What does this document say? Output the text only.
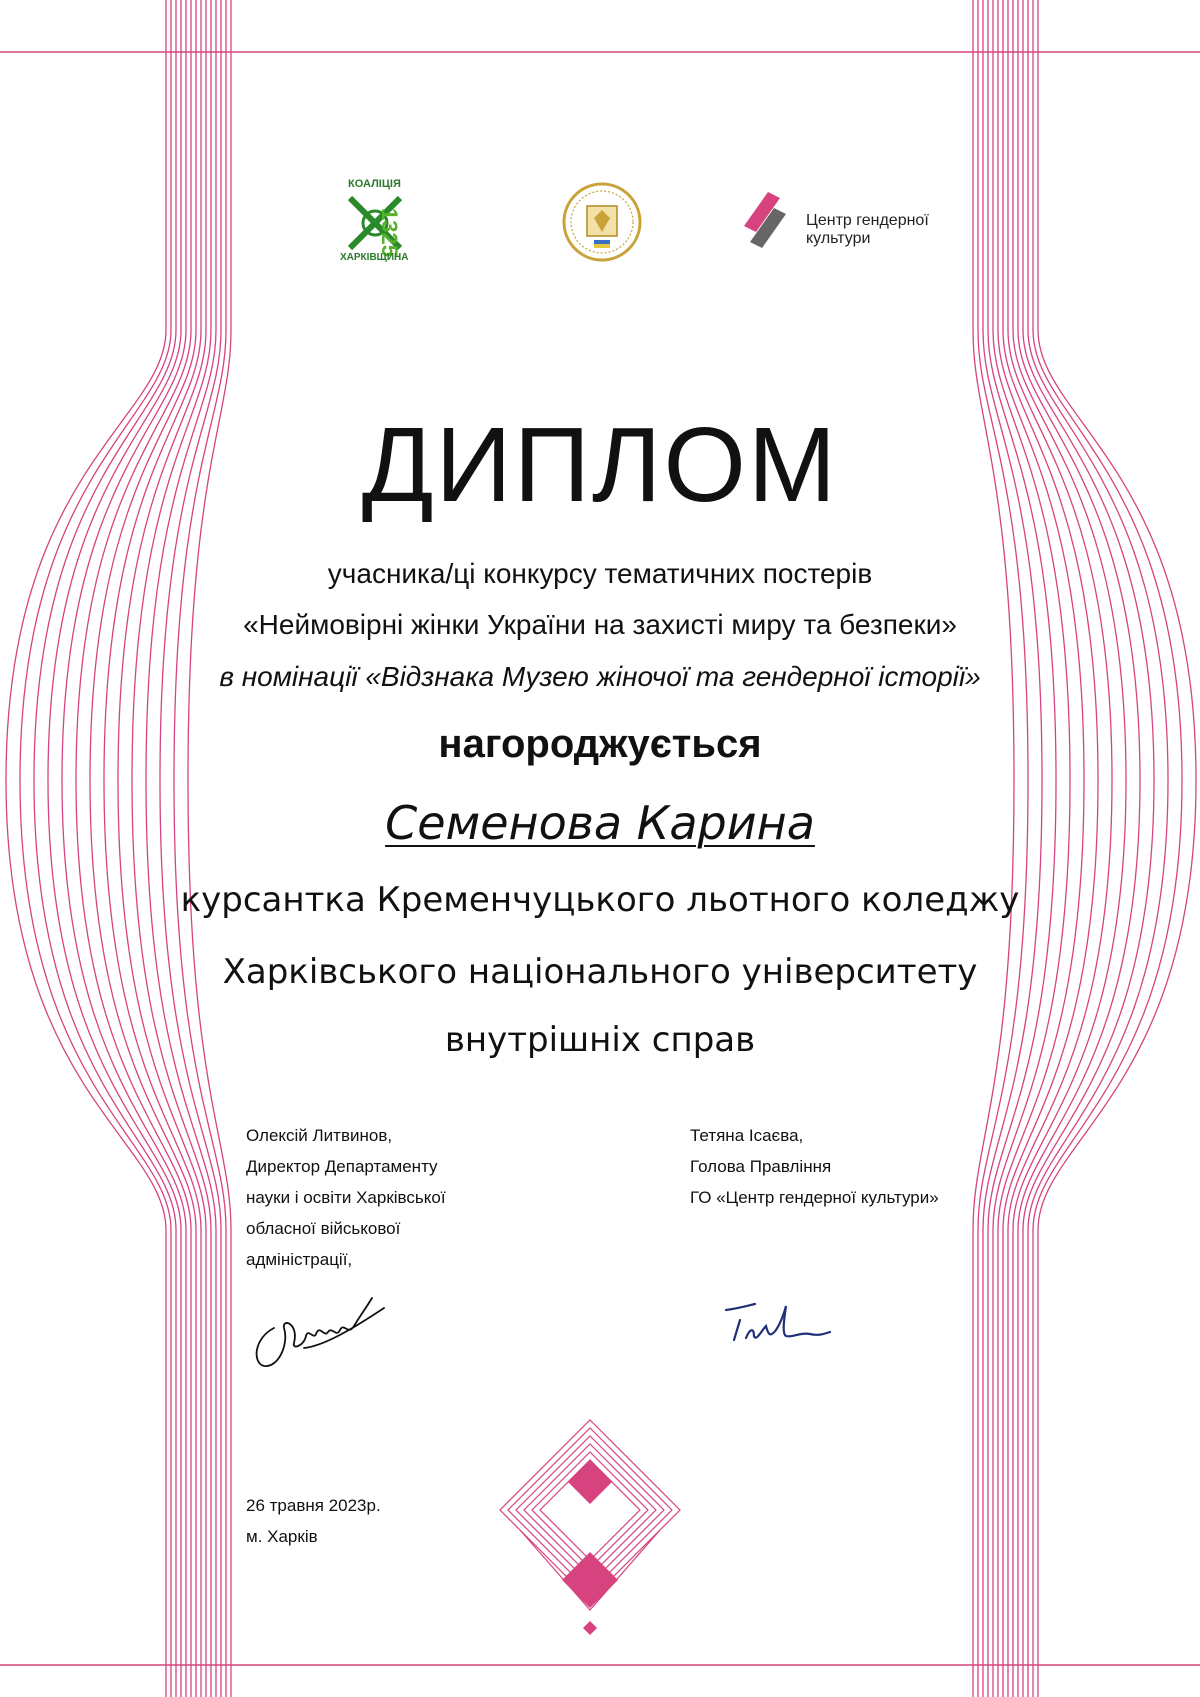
КОАЛІЦІЯ
1325
ХАРКІВЩИНА
Центр гендерної культури
ДИПЛОМ
учасника/ці конкурсу тематичних постерів
«Неймовірні жінки України на захисті миру та безпеки»
в номінації «Відзнака Музею жіночої та гендерної історії»
нагороджується
Семенова Карина
курсантка Кременчуцького льотного коледжу
Харківського національного університету
внутрішніх справ
Олексій Литвинов,
Директор Департаменту
науки і освіти Харківської
обласної військової
адміністрації,
Тетяна Ісаєва,
Голова Правління
ГО «Центр гендерної культури»
26 травня 2023р.
м. Харків
